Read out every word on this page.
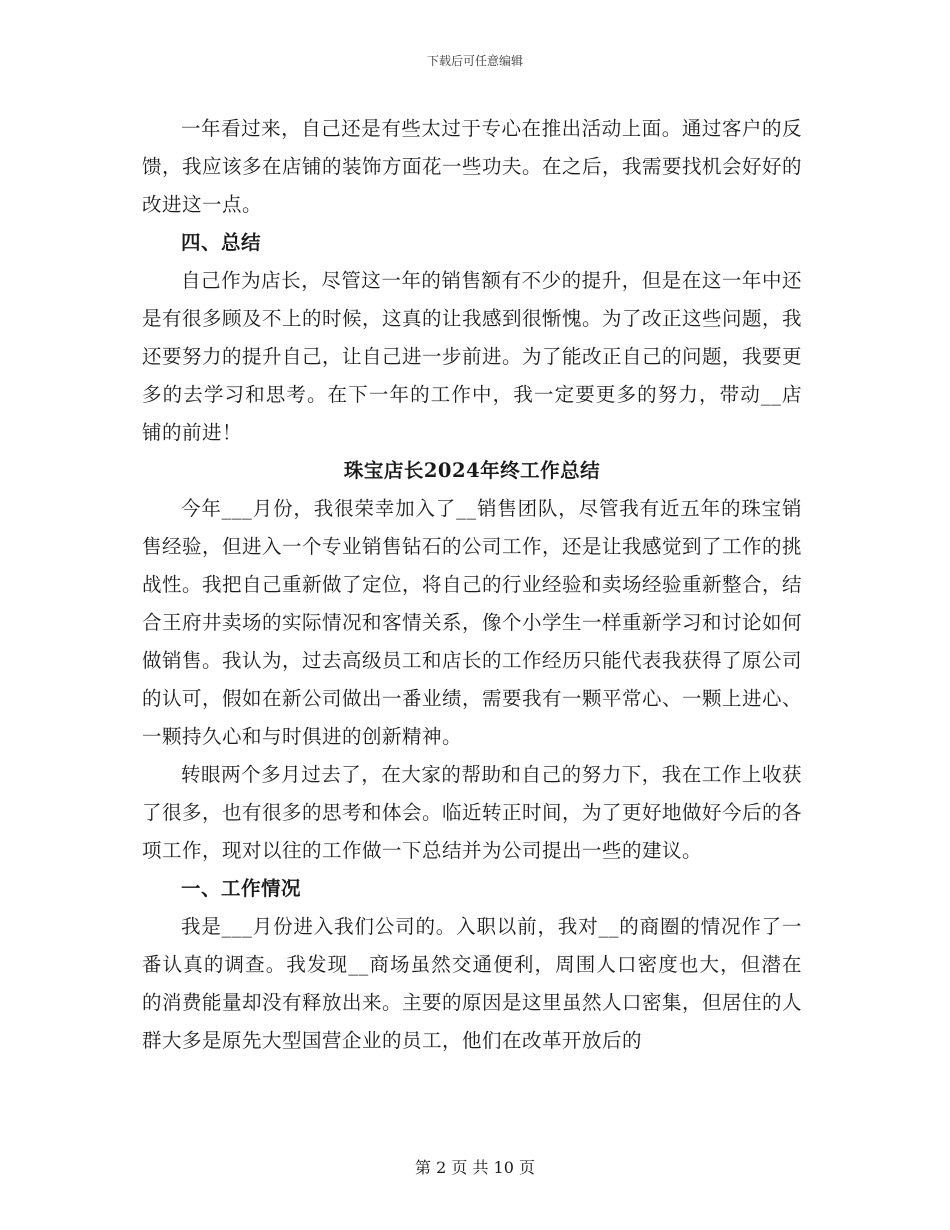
下载后可任意编辑

一年看过来，自己还是有些太过于专心在推出活动上面。通过客户的反馈，我应该多在店铺的装饰方面花一些功夫。在之后，我需要找机会好好的改进这一点。

四、总结

自己作为店长，尽管这一年的销售额有不少的提升，但是在这一年中还是有很多顾及不上的时候，这真的让我感到很惭愧。为了改正这些问题，我还要努力的提升自己，让自己进一步前进。为了能改正自己的问题，我要更多的去学习和思考。在下一年的工作中，我一定要更多的努力，带动__店铺的前进！

珠宝店长2024年终工作总结

今年___月份，我很荣幸加入了__销售团队，尽管我有近五年的珠宝销售经验，但进入一个专业销售钻石的公司工作，还是让我感觉到了工作的挑战性。我把自己重新做了定位，将自己的行业经验和卖场经验重新整合，结合王府井卖场的实际情况和客情关系，像个小学生一样重新学习和讨论如何做销售。我认为，过去高级员工和店长的工作经历只能代表我获得了原公司的认可，假如在新公司做出一番业绩，需要我有一颗平常心、一颗上进心、一颗持久心和与时俱进的创新精神。

转眼两个多月过去了，在大家的帮助和自己的努力下，我在工作上收获了很多，也有很多的思考和体会。临近转正时间，为了更好地做好今后的各项工作，现对以往的工作做一下总结并为公司提出一些的建议。

一、工作情况

我是___月份进入我们公司的。入职以前，我对__的商圈的情况作了一番认真的调查。我发现__商场虽然交通便利，周围人口密度也大，但潜在的消费能量却没有释放出来。主要的原因是这里虽然人口密集，但居住的人群大多是原先大型国营企业的员工，他们在改革开放后的

第 2 页 共 10 页
